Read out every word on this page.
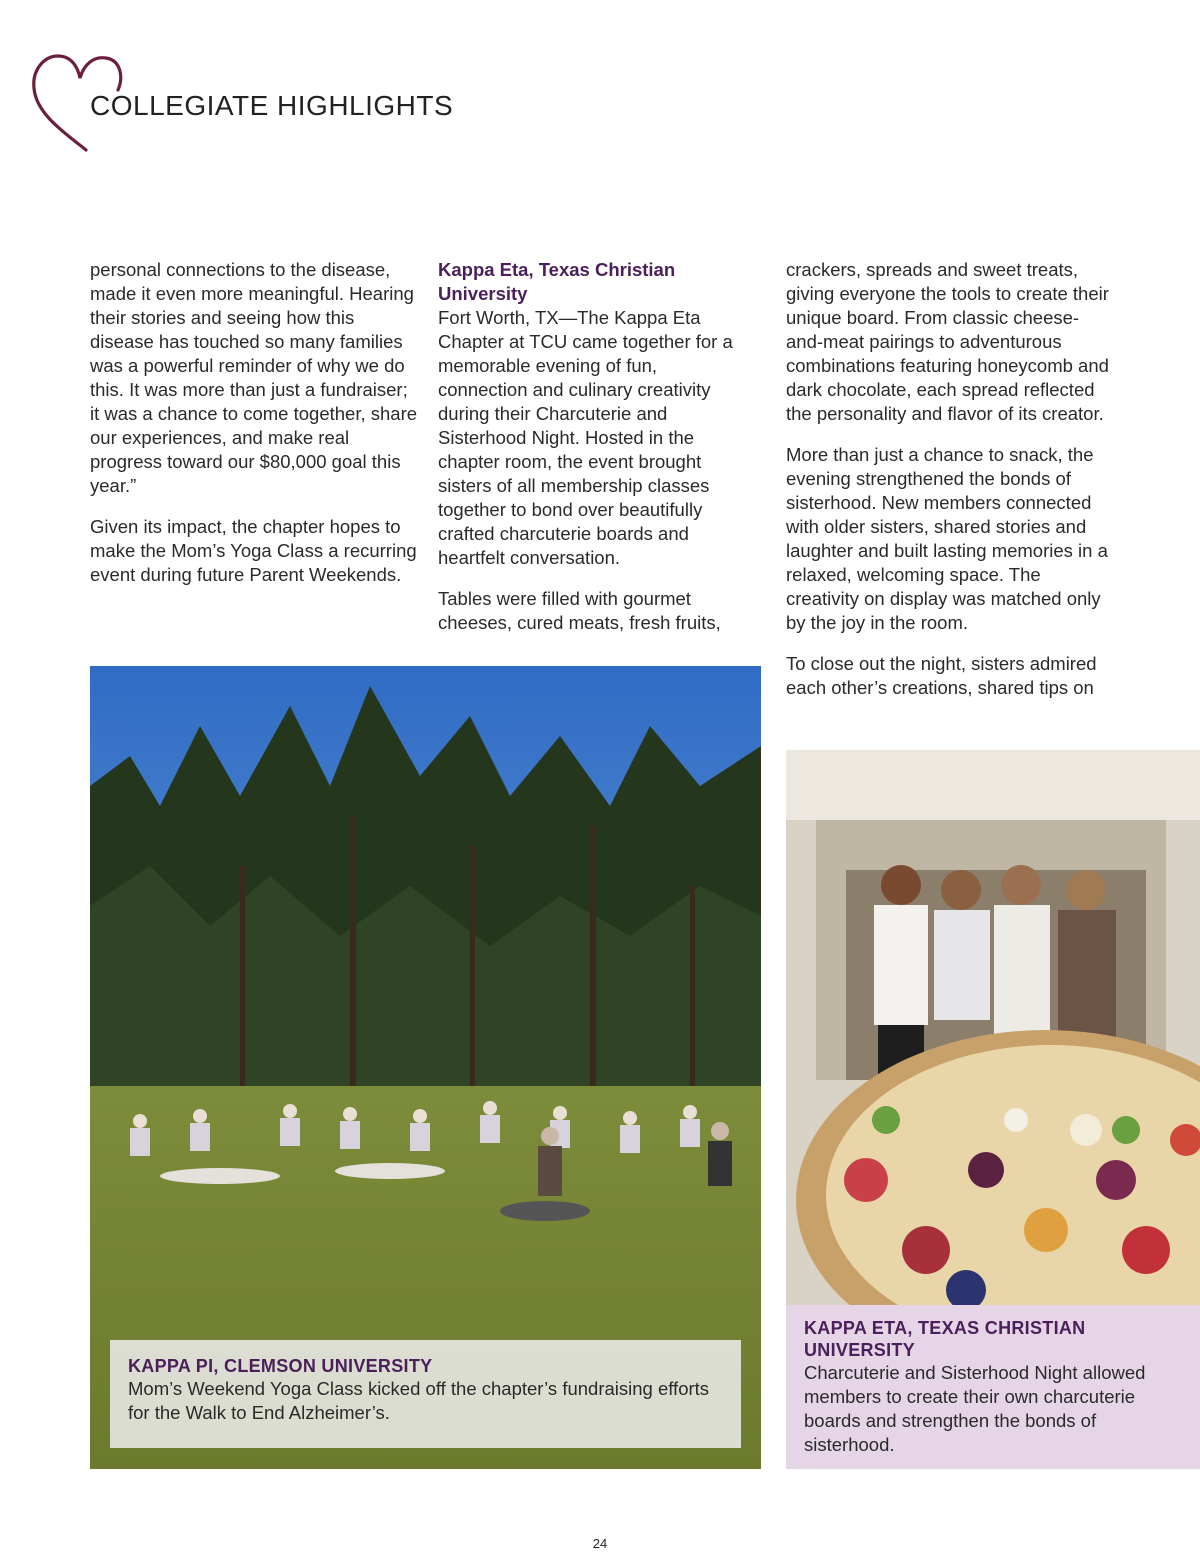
COLLEGIATE HIGHLIGHTS

personal connections to the disease, made it even more meaningful. Hearing their stories and seeing how this disease has touched so many families was a powerful reminder of why we do this. It was more than just a fundraiser; it was a chance to come together, share our experiences, and make real progress toward our $80,000 goal this year.”

Given its impact, the chapter hopes to make the Mom’s Yoga Class a recurring event during future Parent Weekends.

Kappa Eta, Texas Christian University

Fort Worth, TX—The Kappa Eta Chapter at TCU came together for a memorable evening of fun, connection and culinary creativity during their Charcuterie and Sisterhood Night. Hosted in the chapter room, the event brought sisters of all membership classes together to bond over beautifully crafted charcuterie boards and heartfelt conversation.

Tables were filled with gourmet cheeses, cured meats, fresh fruits,

crackers, spreads and sweet treats, giving everyone the tools to create their unique board. From classic cheese-and-meat pairings to adventurous combinations featuring honeycomb and dark chocolate, each spread reflected the personality and flavor of its creator.

More than just a chance to snack, the evening strengthened the bonds of sisterhood. New members connected with older sisters, shared stories and laughter and built lasting memories in a relaxed, welcoming space. The creativity on display was matched only by the joy in the room.

To close out the night, sisters admired each other’s creations, shared tips on

KAPPA PI, CLEMSON UNIVERSITY
Mom’s Weekend Yoga Class kicked off the chapter’s fundraising efforts for the Walk to End Alzheimer’s.
KAPPA ETA, TEXAS CHRISTIAN UNIVERSITY
Charcuterie and Sisterhood Night allowed members to create their own charcuterie boards and strengthen the bonds of sisterhood.
24
